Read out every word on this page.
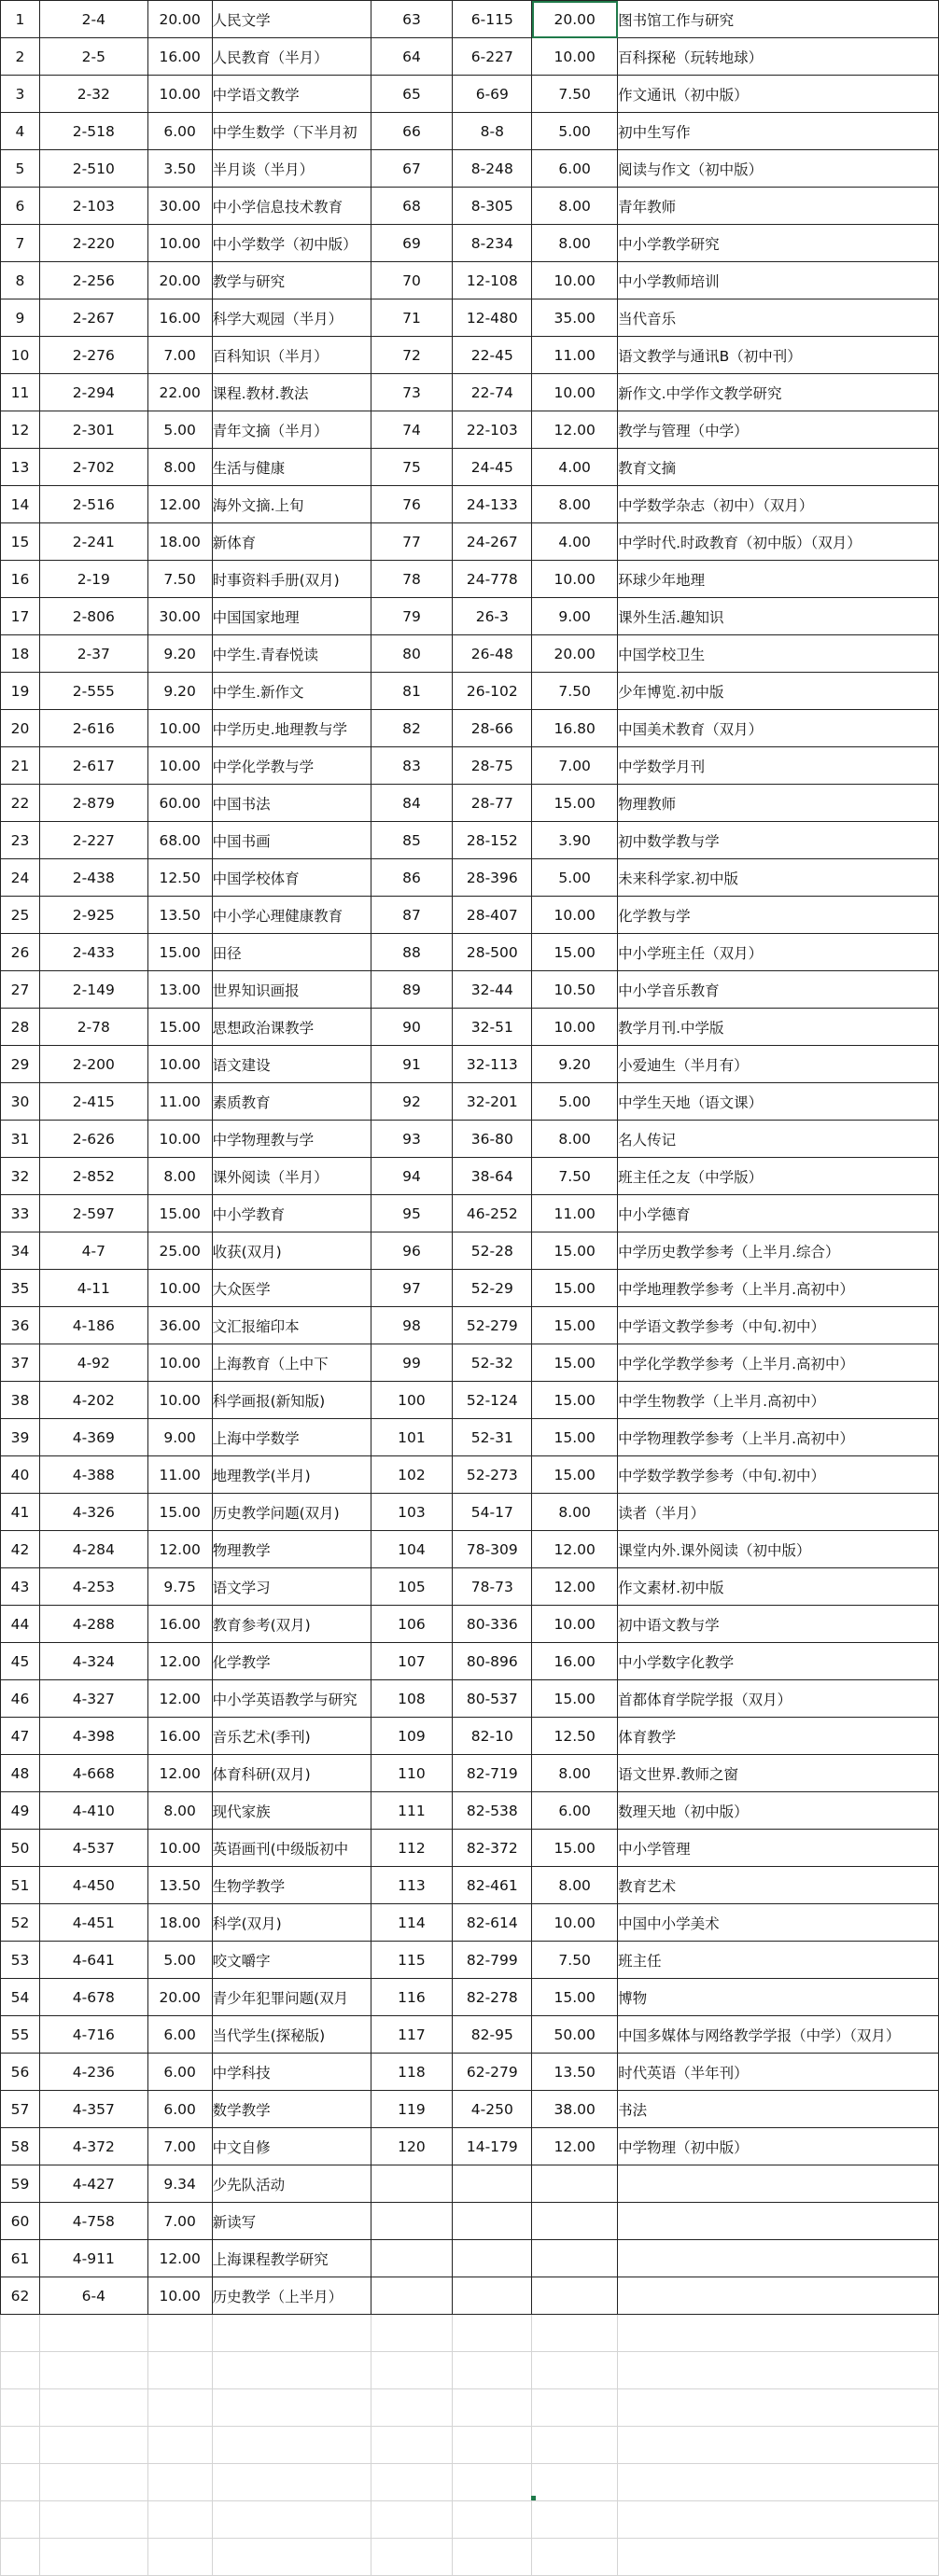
1	2-4	20.00	人民文学	63	6-115	20.00	图书馆工作与研究
2	2-5	16.00	人民教育（半月）	64	6-227	10.00	百科探秘（玩转地球）
3	2-32	10.00	中学语文教学	65	6-69	7.50	作文通讯（初中版）
4	2-518	6.00	中学生数学（下半月初	66	8-8	5.00	初中生写作
5	2-510	3.50	半月谈（半月）	67	8-248	6.00	阅读与作文（初中版）
6	2-103	30.00	中小学信息技术教育	68	8-305	8.00	青年教师
7	2-220	10.00	中小学数学（初中版）	69	8-234	8.00	中小学教学研究
8	2-256	20.00	教学与研究	70	12-108	10.00	中小学教师培训
9	2-267	16.00	科学大观园（半月）	71	12-480	35.00	当代音乐
10	2-276	7.00	百科知识（半月）	72	22-45	11.00	语文教学与通讯B（初中刊）
11	2-294	22.00	课程.教材.教法	73	22-74	10.00	新作文.中学作文教学研究
12	2-301	5.00	青年文摘（半月）	74	22-103	12.00	教学与管理（中学）
13	2-702	8.00	生活与健康	75	24-45	4.00	教育文摘
14	2-516	12.00	海外文摘.上旬	76	24-133	8.00	中学数学杂志（初中）（双月）
15	2-241	18.00	新体育	77	24-267	4.00	中学时代.时政教育（初中版）（双月）
16	2-19	7.50	时事资料手册(双月)	78	24-778	10.00	环球少年地理
17	2-806	30.00	中国国家地理	79	26-3	9.00	课外生活.趣知识
18	2-37	9.20	中学生.青春悦读	80	26-48	20.00	中国学校卫生
19	2-555	9.20	中学生.新作文	81	26-102	7.50	少年博览.初中版
20	2-616	10.00	中学历史.地理教与学	82	28-66	16.80	中国美术教育（双月）
21	2-617	10.00	中学化学教与学	83	28-75	7.00	中学数学月刊
22	2-879	60.00	中国书法	84	28-77	15.00	物理教师
23	2-227	68.00	中国书画	85	28-152	3.90	初中数学教与学
24	2-438	12.50	中国学校体育	86	28-396	5.00	未来科学家.初中版
25	2-925	13.50	中小学心理健康教育	87	28-407	10.00	化学教与学
26	2-433	15.00	田径	88	28-500	15.00	中小学班主任（双月）
27	2-149	13.00	世界知识画报	89	32-44	10.50	中小学音乐教育
28	2-78	15.00	思想政治课教学	90	32-51	10.00	教学月刊.中学版
29	2-200	10.00	语文建设	91	32-113	9.20	小爱迪生（半月有）
30	2-415	11.00	素质教育	92	32-201	5.00	中学生天地（语文课）
31	2-626	10.00	中学物理教与学	93	36-80	8.00	名人传记
32	2-852	8.00	课外阅读（半月）	94	38-64	7.50	班主任之友（中学版）
33	2-597	15.00	中小学教育	95	46-252	11.00	中小学德育
34	4-7	25.00	收获(双月)	96	52-28	15.00	中学历史教学参考（上半月.综合）
35	4-11	10.00	大众医学	97	52-29	15.00	中学地理教学参考（上半月.高初中）
36	4-186	36.00	文汇报缩印本	98	52-279	15.00	中学语文教学参考（中旬.初中）
37	4-92	10.00	上海教育（上中下	99	52-32	15.00	中学化学教学参考（上半月.高初中）
38	4-202	10.00	科学画报(新知版)	100	52-124	15.00	中学生物教学（上半月.高初中）
39	4-369	9.00	上海中学数学	101	52-31	15.00	中学物理教学参考（上半月.高初中）
40	4-388	11.00	地理教学(半月)	102	52-273	15.00	中学数学教学参考（中旬.初中）
41	4-326	15.00	历史教学问题(双月)	103	54-17	8.00	读者（半月）
42	4-284	12.00	物理教学	104	78-309	12.00	课堂内外.课外阅读（初中版）
43	4-253	9.75	语文学习	105	78-73	12.00	作文素材.初中版
44	4-288	16.00	教育参考(双月)	106	80-336	10.00	初中语文教与学
45	4-324	12.00	化学教学	107	80-896	16.00	中小学数字化教学
46	4-327	12.00	中小学英语教学与研究	108	80-537	15.00	首都体育学院学报（双月）
47	4-398	16.00	音乐艺术(季刊)	109	82-10	12.50	体育教学
48	4-668	12.00	体育科研(双月)	110	82-719	8.00	语文世界.教师之窗
49	4-410	8.00	现代家族	111	82-538	6.00	数理天地（初中版）
50	4-537	10.00	英语画刊(中级版初中	112	82-372	15.00	中小学管理
51	4-450	13.50	生物学教学	113	82-461	8.00	教育艺术
52	4-451	18.00	科学(双月)	114	82-614	10.00	中国中小学美术
53	4-641	5.00	咬文嚼字	115	82-799	7.50	班主任
54	4-678	20.00	青少年犯罪问题(双月	116	82-278	15.00	博物
55	4-716	6.00	当代学生(探秘版)	117	82-95	50.00	中国多媒体与网络教学学报（中学）（双月）
56	4-236	6.00	中学科技	118	62-279	13.50	时代英语（半年刊）
57	4-357	6.00	数学教学	119	4-250	38.00	书法
58	4-372	7.00	中文自修	120	14-179	12.00	中学物理（初中版）
59	4-427	9.34	少先队活动				
60	4-758	7.00	新读写				
61	4-911	12.00	上海课程教学研究				
62	6-4	10.00	历史教学（上半月）				
